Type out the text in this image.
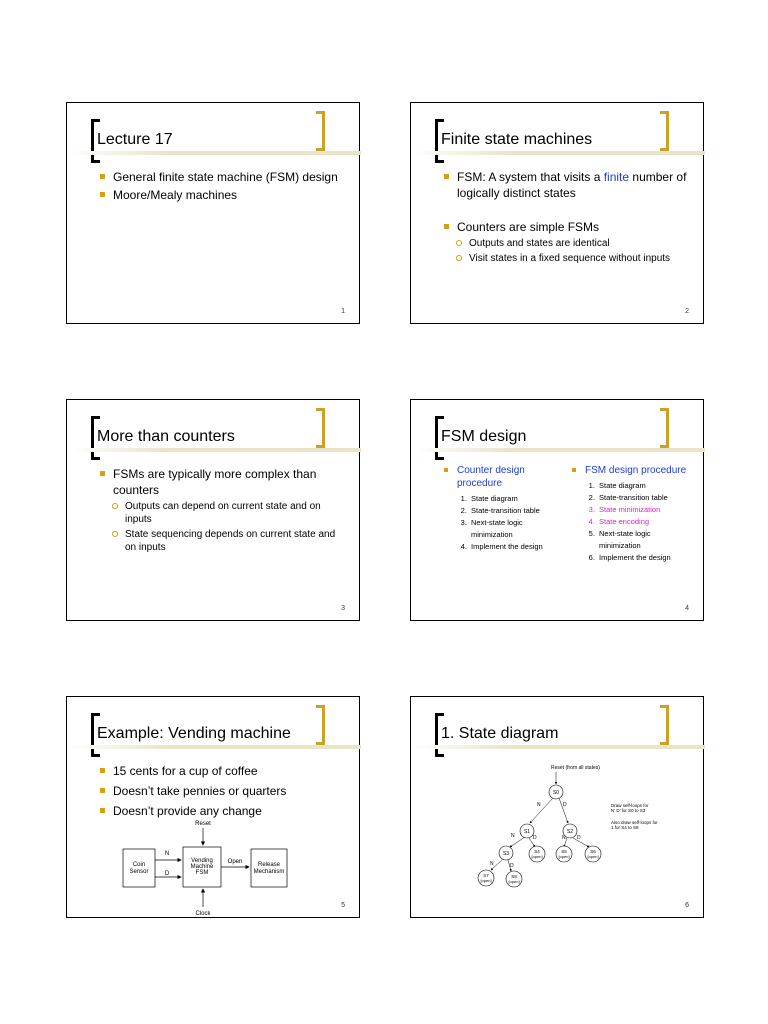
Lecture 17
General finite state machine (FSM) design
Moore/Mealy machines
1
Finite state machines
FSM: A system that visits a finite number of logically distinct states
Counters are simple FSMs
Outputs and states are identical
Visit states in a fixed sequence without inputs
2
More than counters
FSMs are typically more complex than counters
Outputs can depend on current state and on inputs
State sequencing depends on current state and on inputs
3
FSM design
Counter design procedure
1. State diagram
2. State-transition table
3. Next-state logic minimization
4. Implement the design
FSM design procedure
1. State diagram
2. State-transition table
3. State minimization
4. State encoding
5. Next-state logic minimization
6. Implement the design
4
Example: Vending machine
15 cents for a cup of coffee
Doesn’t take pennies or quarters
Doesn’t provide any change
Reset
Coin
Sensor
N
D
Vending
Machine
FSM
Open	Release
Mechanism
Clock
5
1. State diagram
Reset (from all states)
N	D
N	D	N D
N	D
S0
S1	S2
S3	S4
[open]
S5
[open]
S6
[open]
S7
[open]
S8
[open]
Draw self-loops for
N’ D’ for S0 to S3
Also draw self-loops for
1 for S4 to S8
6
